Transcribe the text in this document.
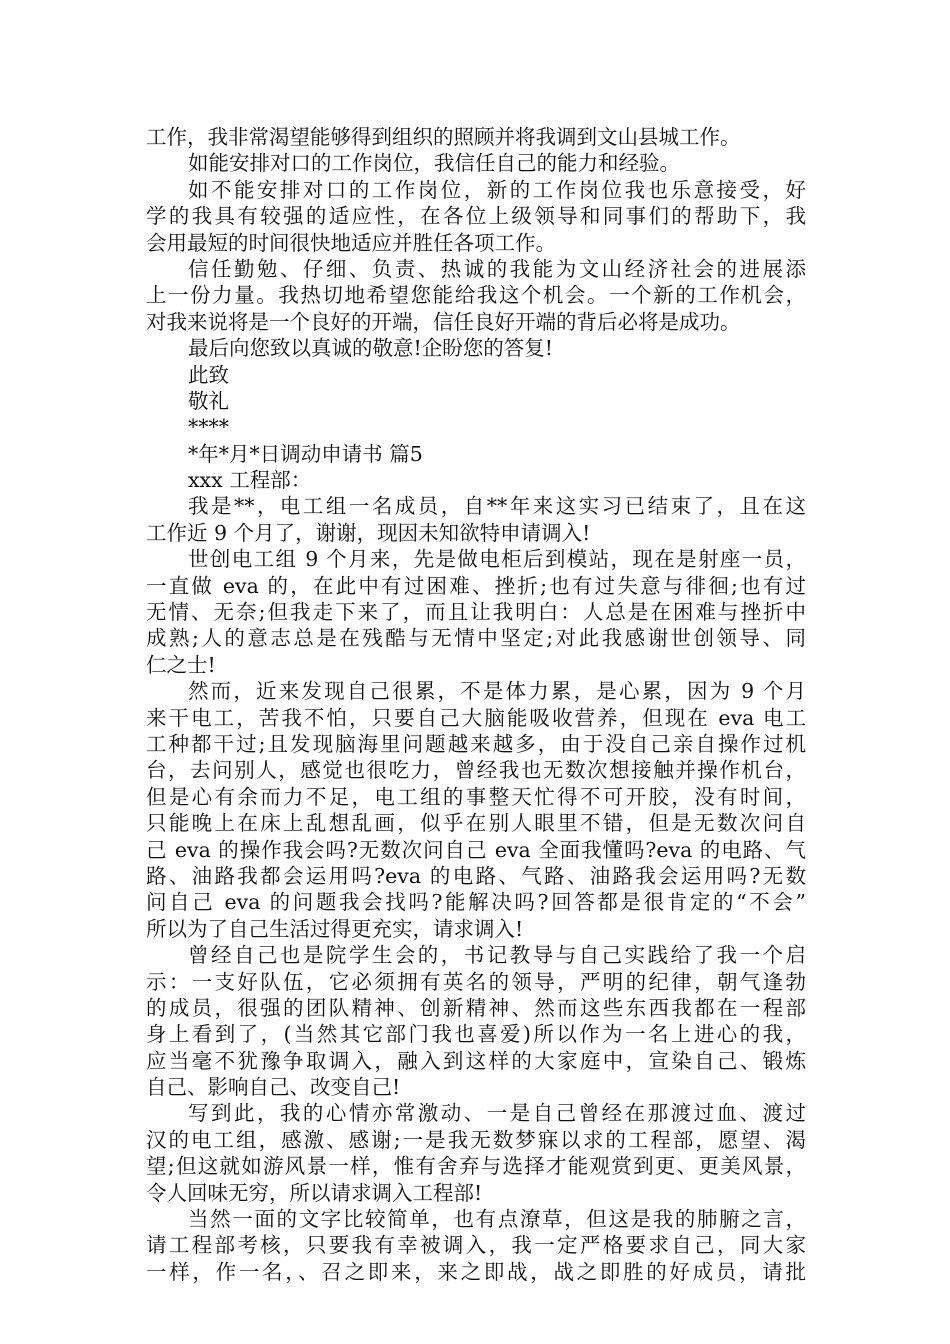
工作，我非常渴望能够得到组织的照顾并将我调到文山县城工作。
如能安排对口的工作岗位，我信任自己的能力和经验。
如不能安排对口的工作岗位，新的工作岗位我也乐意接受，好
学的我具有较强的适应性，在各位上级领导和同事们的帮助下，我
会用最短的时间很快地适应并胜任各项工作。
信任勤勉、仔细、负责、热诚的我能为文山经济社会的进展添
上一份力量。我热切地希望您能给我这个机会。一个新的工作机会，
对我来说将是一个良好的开端，信任良好开端的背后必将是成功。
最后向您致以真诚的敬意!企盼您的答复!
此致
敬礼
****
*年*月*日调动申请书 篇5
xxx 工程部：
我是**，电工组一名成员，自**年来这实习已结束了，且在这
工作近 9 个月了，谢谢，现因未知欲特申请调入!
世创电工组 9 个月来，先是做电柜后到模站，现在是射座一员，
一直做 eva 的，在此中有过困难、挫折;也有过失意与徘徊;也有过
无情、无奈;但我走下来了，而且让我明白：人总是在困难与挫折中
成熟;人的意志总是在残酷与无情中坚定;对此我感谢世创领导、同
仁之士!
然而，近来发现自己很累，不是体力累，是心累，因为 9 个月
来干电工，苦我不怕，只要自己大脑能吸收营养，但现在 eva 电工
工种都干过;且发现脑海里问题越来越多，由于没自己亲自操作过机
台，去问别人，感觉也很吃力，曾经我也无数次想接触并操作机台，
但是心有余而力不足，电工组的事整天忙得不可开胶，没有时间，
只能晚上在床上乱想乱画，似乎在别人眼里不错，但是无数次问自
己 eva 的操作我会吗?无数次问自己 eva 全面我懂吗?eva 的电路、气
路、油路我都会运用吗?eva 的电路、气路、油路我会运用吗?无数
问自己 eva 的问题我会找吗?能解决吗?回答都是很肯定的“不会”
所以为了自己生活过得更充实，请求调入!
曾经自己也是院学生会的，书记教导与自己实践给了我一个启
示：一支好队伍，它必须拥有英名的领导，严明的纪律，朝气逢勃
的成员，很强的团队精神、创新精神、然而这些东西我都在一程部
身上看到了，(当然其它部门我也喜爱)所以作为一名上进心的我，
应当毫不犹豫争取调入，融入到这样的大家庭中，宣染自己、锻炼
自己、影响自己、改变自己!
写到此，我的心情亦常激动、一是自己曾经在那渡过血、渡过
汉的电工组，感激、感谢;一是我无数梦寐以求的工程部，愿望、渴
望;但这就如游风景一样，惟有舍弃与选择才能观赏到更、更美风景，
令人回味无穷，所以请求调入工程部!
当然一面的文字比较简单，也有点潦草，但这是我的肺腑之言，
请工程部考核，只要我有幸被调入，我一定严格要求自己，同大家
一样，作一名，、召之即来，来之即战，战之即胜的好成员，请批
